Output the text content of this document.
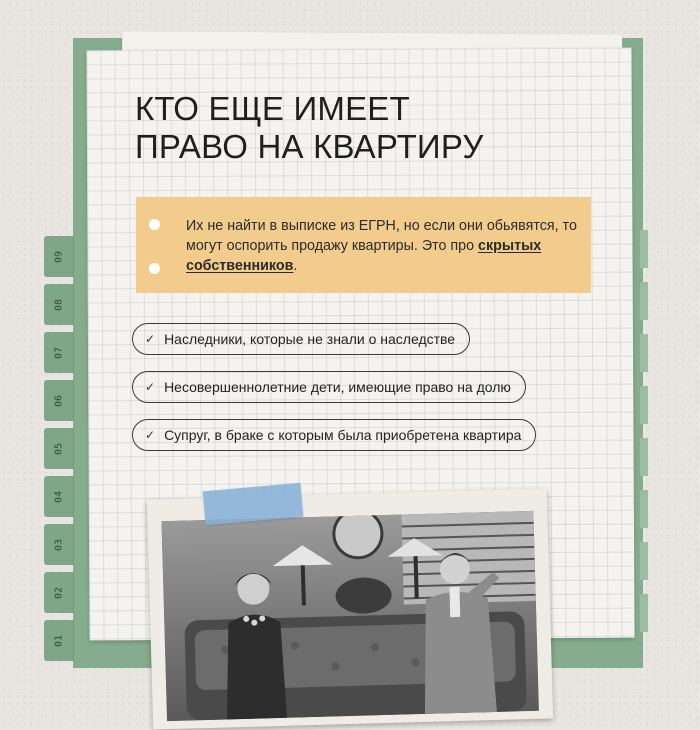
09
08
07
06
05
04
03
02
01
КТО ЕЩЕ ИМЕЕТ
ПРАВО НА КВАРТИРУ
Их не найти в выписке из ЕГРН, но если они обьявятся, то могут оспорить продажу квартиры. Это про скрытых собственников.
✓ Наследники, которые не знали о наследстве
✓ Несовершеннолетние дети, имеющие право на долю
✓ Супруг, в браке с которым была приобретена квартира
